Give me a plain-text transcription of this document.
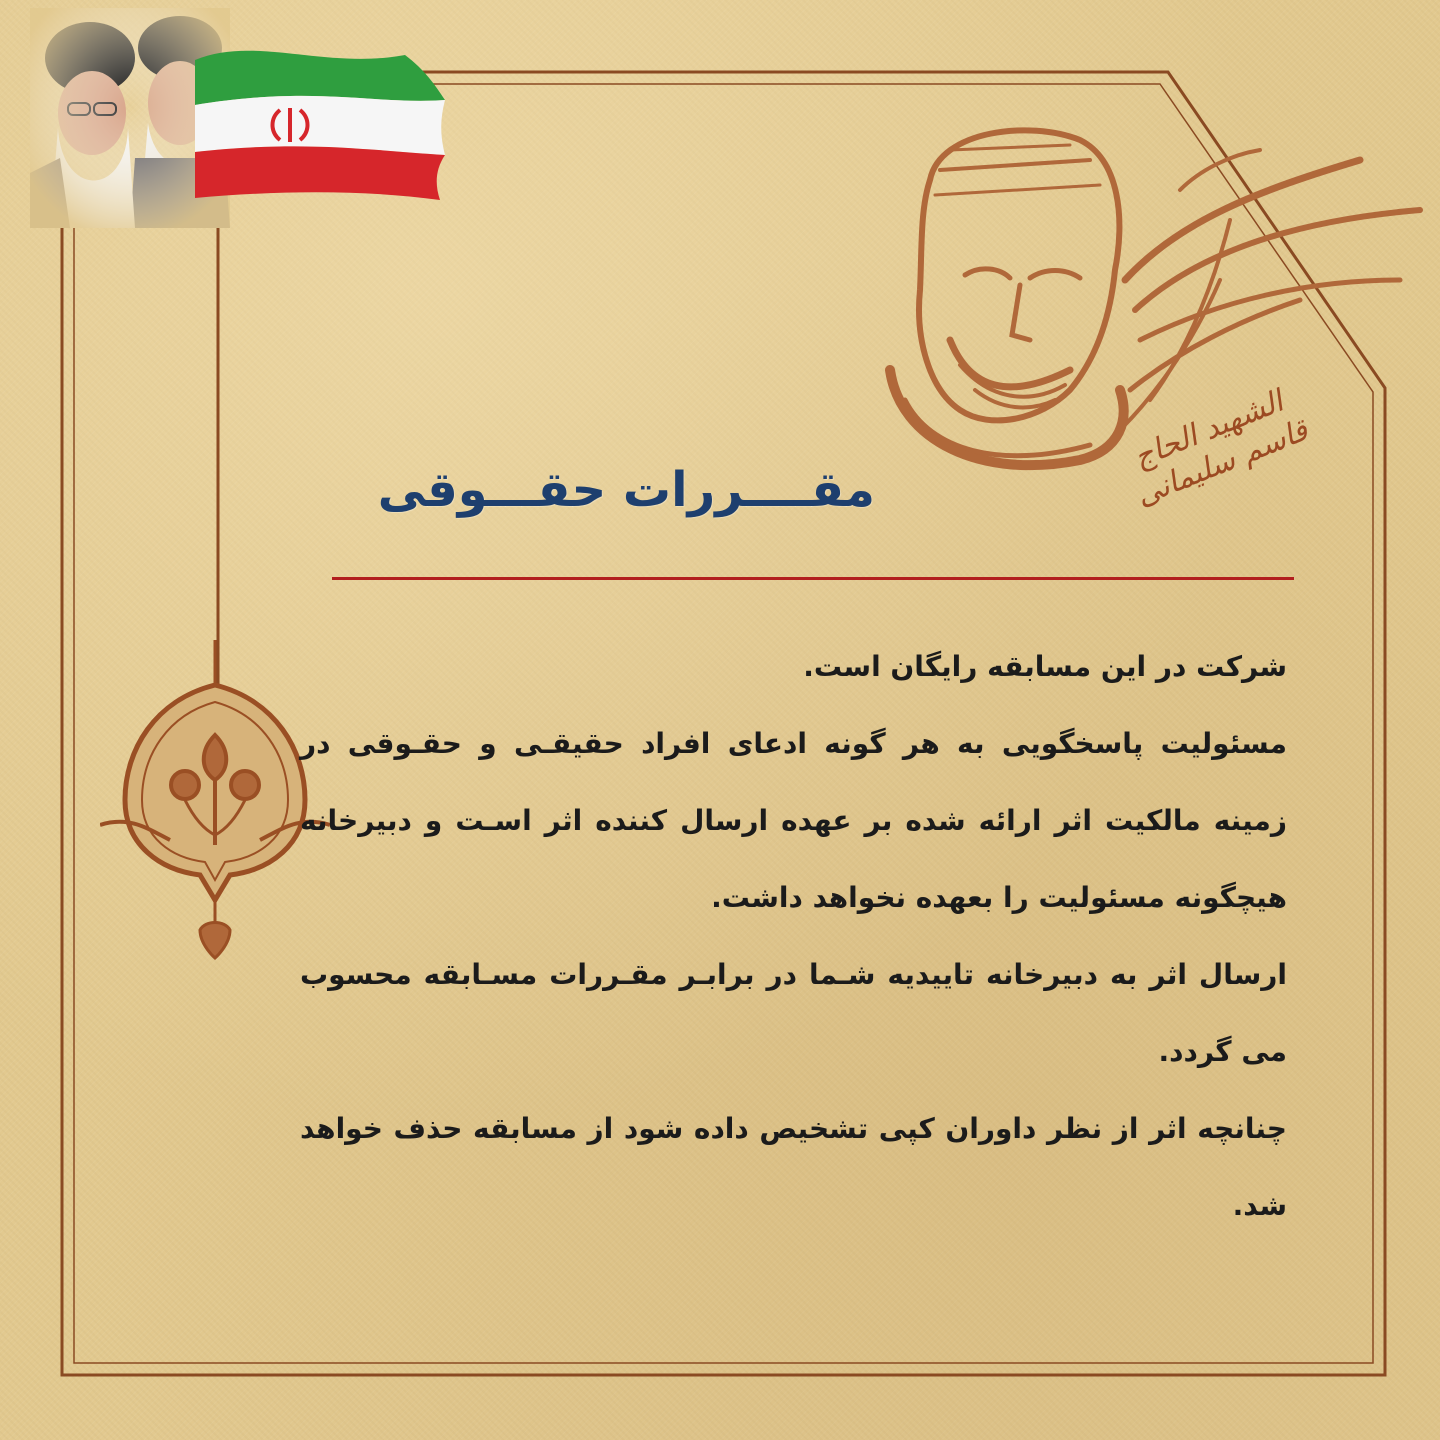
الشهید الحاج قاسم سلیمانی
مقــــررات حقـــوقی

شرکت در این مسابقه رایگان است.

مسئولیت پاسخگویی به هر گونه ادعای افراد حقیقـی و حقـوقی در زمینه مالکیت اثر ارائه شده بر عهده ارسال کننده اثر اسـت و دبیرخانه هیچگونه مسئولیت را بعهده نخواهد داشت.

ارسال اثر به دبیرخانه تاییدیه شـما در برابـر مقـررات مسـابقه محسوب می گردد.

چنانچه اثر از نظر داوران کپی تشخیص داده شود از مسابقه حذف خواهد شد.
